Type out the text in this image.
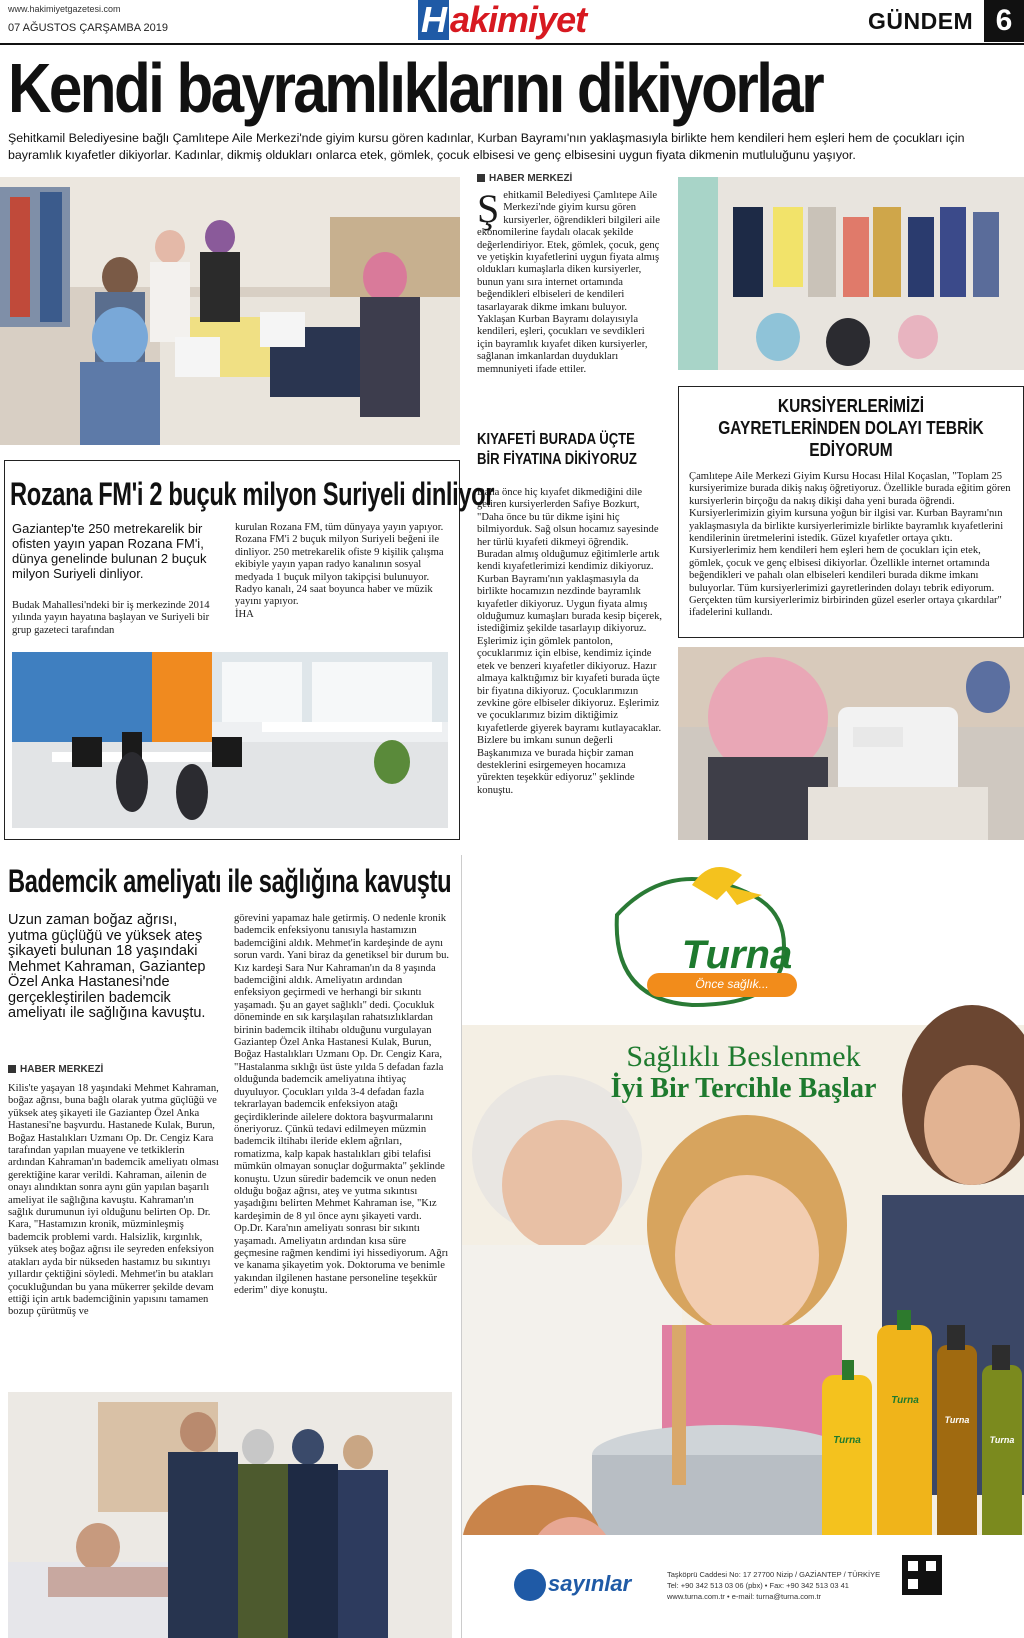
www.hakimiyetgazetesi.com
07 AĞUSTOS ÇARŞAMBA 2019	H akimiyet	GÜNDEM 6
Kendi bayramlıklarını dikiyorlar
Şehitkamil Belediyesine bağlı Çamlıtepe Aile Merkezi'nde giyim kursu gören kadınlar, Kurban Bayramı'nın yaklaşmasıyla birlikte hem kendileri hem eşleri hem de çocukları için bayramlık kıyafetler dikiyorlar. Kadınlar, dikmiş oldukları onlarca etek, gömlek, çocuk elbisesi ve genç elbisesini uygun fiyata dikmenin mutluluğunu yaşıyor.
HABER MERKEZİ
Şehitkamil Belediyesi Çamlıtepe Aile Merkezi'nde giyim kursu gören kursiyerler, öğrendikleri bilgileri aile ekonomilerine faydalı olacak şekilde değerlendiriyor. Etek, gömlek, çocuk, genç ve yetişkin kıyafetlerini uygun fiyata almış oldukları kumaşlarla diken kursiyerler, bunun yanı sıra internet ortamında beğendikleri elbiseleri de kendileri tasarlayarak dikme imkanı buluyor. Yaklaşan Kurban Bayramı dolayısıyla kendileri, eşleri, çocukları ve sevdikleri için bayramlık kıyafet diken kursiyerler, sağlanan imkanlardan duydukları memnuniyeti ifade ettiler.
KIYAFETİ BURADA ÜÇTE BİR FİYATINA DİKİYORUZ
Daha önce hiç kıyafet dikmediğini dile getiren kursiyerlerden Safiye Bozkurt, "Daha önce bu tür dikme işini hiç bilmiyorduk. Sağ olsun hocamız sayesinde her türlü kıyafeti dikmeyi öğrendik. Buradan almış olduğumuz eğitimlerle artık kendi kıyafetlerimizi kendimiz dikiyoruz. Kurban Bayramı'nın yaklaşmasıyla da birlikte hocamızın nezdinde bayramlık kıyafetler dikiyoruz. Uygun fiyata almış olduğumuz kumaşları burada kesip biçerek, istediğimiz şekilde tasarlayıp dikiyoruz. Eşlerimiz için gömlek pantolon, çocuklarımız için elbise, kendimiz içinde etek ve benzeri kıyafetler dikiyoruz. Hazır almaya kalktığımız bir kıyafeti burada üçte bir fiyatına dikiyoruz. Çocuklarımızın zevkine göre elbiseler dikiyoruz. Eşlerimiz ve çocuklarımız bizim diktiğimiz kıyafetlerde giyerek bayramı kutlayacaklar. Bizlere bu imkanı sunun değerli Başkanımıza ve burada hiçbir zaman desteklerini esirgemeyen hocamıza yürekten teşekkür ediyoruz" şeklinde konuştu.
KURSİYERLERİMİZİ GAYRETLERİNDEN DOLAYI TEBRİK EDİYORUM
Çamlıtepe Aile Merkezi Giyim Kursu Hocası Hilal Koçaslan, "Toplam 25 kursiyerimize burada dikiş nakış öğretiyoruz. Özellikle burada eğitim gören kursiyerlerin birçoğu da nakış dikişi daha yeni burada öğrendi. Kursiyerlerimizin giyim kursuna yoğun bir ilgisi var. Kurban Bayramı'nın yaklaşmasıyla da birlikte kursiyerlerimizle birlikte bayramlık kıyafetlerini kendilerinin üretmelerini istedik. Güzel kıyafetler ortaya çıktı. Kursiyerlerimiz hem kendileri hem eşleri hem de çocukları için etek, gömlek, çocuk ve genç elbisesi dikiyorlar. Özellikle internet ortamında beğendikleri ve pahalı olan elbiseleri kendileri burada dikme imkanı buluyorlar. Tüm kursiyerlerimizi gayretlerinden dolayı tebrik ediyorum. Gerçekten tüm kursiyerlerimiz birbirinden güzel eserler ortaya çıkardılar" ifadelerini kullandı.
Rozana FM'i 2 buçuk milyon Suriyeli dinliyor
Gaziantep'te 250 metrekarelik bir ofisten yayın yapan Rozana FM'i, dünya genelinde bulunan 2 buçuk milyon Suriyeli dinliyor.
Budak Mahallesi'ndeki bir iş merkezinde 2014 yılında yayın hayatına başlayan ve Suriyeli bir grup gazeteci tarafından
kurulan Rozana FM, tüm dünyaya yayın yapıyor. Rozana FM'i 2 buçuk milyon Suriyeli beğeni ile dinliyor. 250 metrekarelik ofiste 9 kişilik çalışma ekibiyle yayın yapan radyo kanalının sosyal medyada 1 buçuk milyon takipçisi bulunuyor. Radyo kanalı, 24 saat boyunca haber ve müzik yayını yapıyor.
İHA
Bademcik ameliyatı ile sağlığına kavuştu
Uzun zaman boğaz ağrısı, yutma güçlüğü ve yüksek ateş şikayeti bulunan 18 yaşındaki Mehmet Kahraman, Gaziantep Özel Anka Hastanesi'nde gerçekleştirilen bademcik ameliyatı ile sağlığına kavuştu.
HABER MERKEZİ
Kilis'te yaşayan 18 yaşındaki Mehmet Kahraman, boğaz ağrısı, buna bağlı olarak yutma güçlüğü ve yüksek ateş şikayeti ile Gaziantep Özel Anka Hastanesi'ne başvurdu. Hastanede Kulak, Burun, Boğaz Hastalıkları Uzmanı Op. Dr. Cengiz Kara tarafından yapılan muayene ve tetkiklerin ardından Kahraman'ın bademcik ameliyatı olması gerektiğine karar verildi. Kahraman, ailenin de onayı alındıktan sonra aynı gün yapılan başarılı ameliyat ile sağlığına kavuştu. Kahraman'ın sağlık durumunun iyi olduğunu belirten Op. Dr. Kara, "Hastamızın kronik, müzminleşmiş bademcik problemi vardı. Halsizlik, kırgınlık, yüksek ateş boğaz ağrısı ile seyreden enfeksiyon atakları ayda bir nükseden hastamız bu sıkıntıyı yıllardır çektiğini söyledi. Mehmet'in bu atakları çocukluğundan bu yana mükerrer şekilde devam ettiği için artık bademciğinin yapısını tamamen bozup çürütmüş ve
görevini yapamaz hale getirmiş. O nedenle kronik bademcik enfeksiyonu tanısıyla hastamızın bademciğini aldık. Mehmet'in kardeşinde de aynı sorun vardı. Yani biraz da genetiksel bir durum bu. Kız kardeşi Sara Nur Kahraman'ın da 8 yaşında bademciğini aldık. Ameliyatın ardından enfeksiyon geçirmedi ve herhangi bir sıkıntı yaşamadı. Şu an gayet sağlıklı" dedi. Çocukluk döneminde en sık karşılaşılan rahatsızlıklardan birinin bademcik iltihabı olduğunu vurgulayan Gaziantep Özel Anka Hastanesi Kulak, Burun, Boğaz Hastalıkları Uzmanı Op. Dr. Cengiz Kara, "Hastalanma sıklığı üst üste yılda 5 defadan fazla olduğunda bademcik ameliyatına ihtiyaç duyuluyor. Çocukları yılda 3-4 defadan fazla tekrarlayan bademcik enfeksiyon atağı geçirdiklerinde ailelere doktora başvurmalarını öneriyoruz. Çünkü tedavi edilmeyen müzmin bademcik iltihabı ileride eklem ağrıları, romatizma, kalp kapak hastalıkları gibi telafisi mümkün olmayan sonuçlar doğurmakta" şeklinde konuştu. Uzun süredir bademcik ve onun neden olduğu boğaz ağrısı, ateş ve yutma sıkıntısı yaşadığını belirten Mehmet Kahraman ise, "Kız kardeşimin de 8 yıl önce aynı şikayeti vardı. Op.Dr. Kara'nın ameliyatı sonrası bir sıkıntı yaşamadı. Ameliyatın ardından kısa süre geçmesine rağmen kendimi iyi hissediyorum. Ağrı ve kanama şikayetim yok. Doktoruma ve benimle yakından ilgilenen hastane personeline teşekkür ederim" diye konuştu.
Turna
Önce sağlık...
Sağlıklı Beslenmek
İyi Bir Tercihle Başlar
sayınlar	Taşköprü Caddesi No: 17 27700 Nizip / GAZİANTEP / TÜRKİYE
Tel: +90 342 513 03 06 (pbx) • Fax: +90 342 513 03 41
www.turna.com.tr • e-mail: turna@turna.com.tr
Turna
Turna
Turna
Turna
